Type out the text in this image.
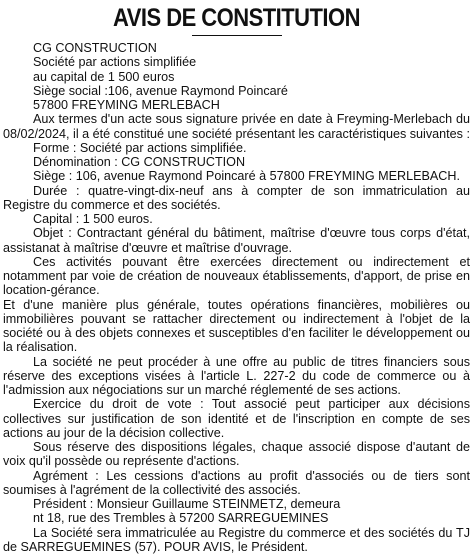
AVIS DE CONSTITUTION

CG CONSTRUCTION

Société par actions simplifiée

au capital de 1 500 euros

Siège social :106, avenue Raymond Poincaré

57800 FREYMING MERLEBACH

Aux termes d'un acte sous signature privée en date à Freyming-Merlebach du 08/02/2024, il a été constitué une société présentant les caractéristiques suivantes :

Forme : Société par actions simplifiée.

Dénomination : CG CONSTRUCTION

Siège : 106, avenue Raymond Poincaré à 57800 FREYMING MERLEBACH.

Durée : quatre-vingt-dix-neuf ans à compter de son immatriculation au Registre du commerce et des sociétés.

Capital : 1 500 euros.

Objet : Contractant général du bâtiment, maîtrise d'œuvre tous corps d'état, assistanat à maîtrise d'œuvre et maîtrise d'ouvrage.

Ces activités pouvant être exercées directement ou indirectement et notamment par voie de création de nouveaux établissements, d'apport, de prise en location-gérance.

Et d'une manière plus générale, toutes opérations financières, mobilières ou immobilières pouvant se rattacher directement ou indirectement à l'objet de la société ou à des objets connexes et susceptibles d'en faciliter le développement ou la réalisation.

La société ne peut procéder à une offre au public de titres financiers sous réserve des exceptions visées à l'article L. 227-2 du code de commerce ou à l'admission aux négociations sur un marché réglementé de ses actions.

Exercice du droit de vote : Tout associé peut participer aux décisions collectives sur justification de son identité et de l'inscription en compte de ses actions au jour de la décision collective.

Sous réserve des dispositions légales, chaque associé dispose d'autant de voix qu'il possède ou représente d'actions.

Agrément : Les cessions d'actions au profit d'associés ou de tiers sont soumises à l'agrément de la collectivité des associés.

Président : Monsieur Guillaume STEINMETZ, demeura

nt 18, rue des Trembles à 57200 SARREGUEMINES

La Société sera immatriculée au Registre du commerce et des sociétés du TJ de SARREGUEMINES (57). POUR AVIS, le Président.
